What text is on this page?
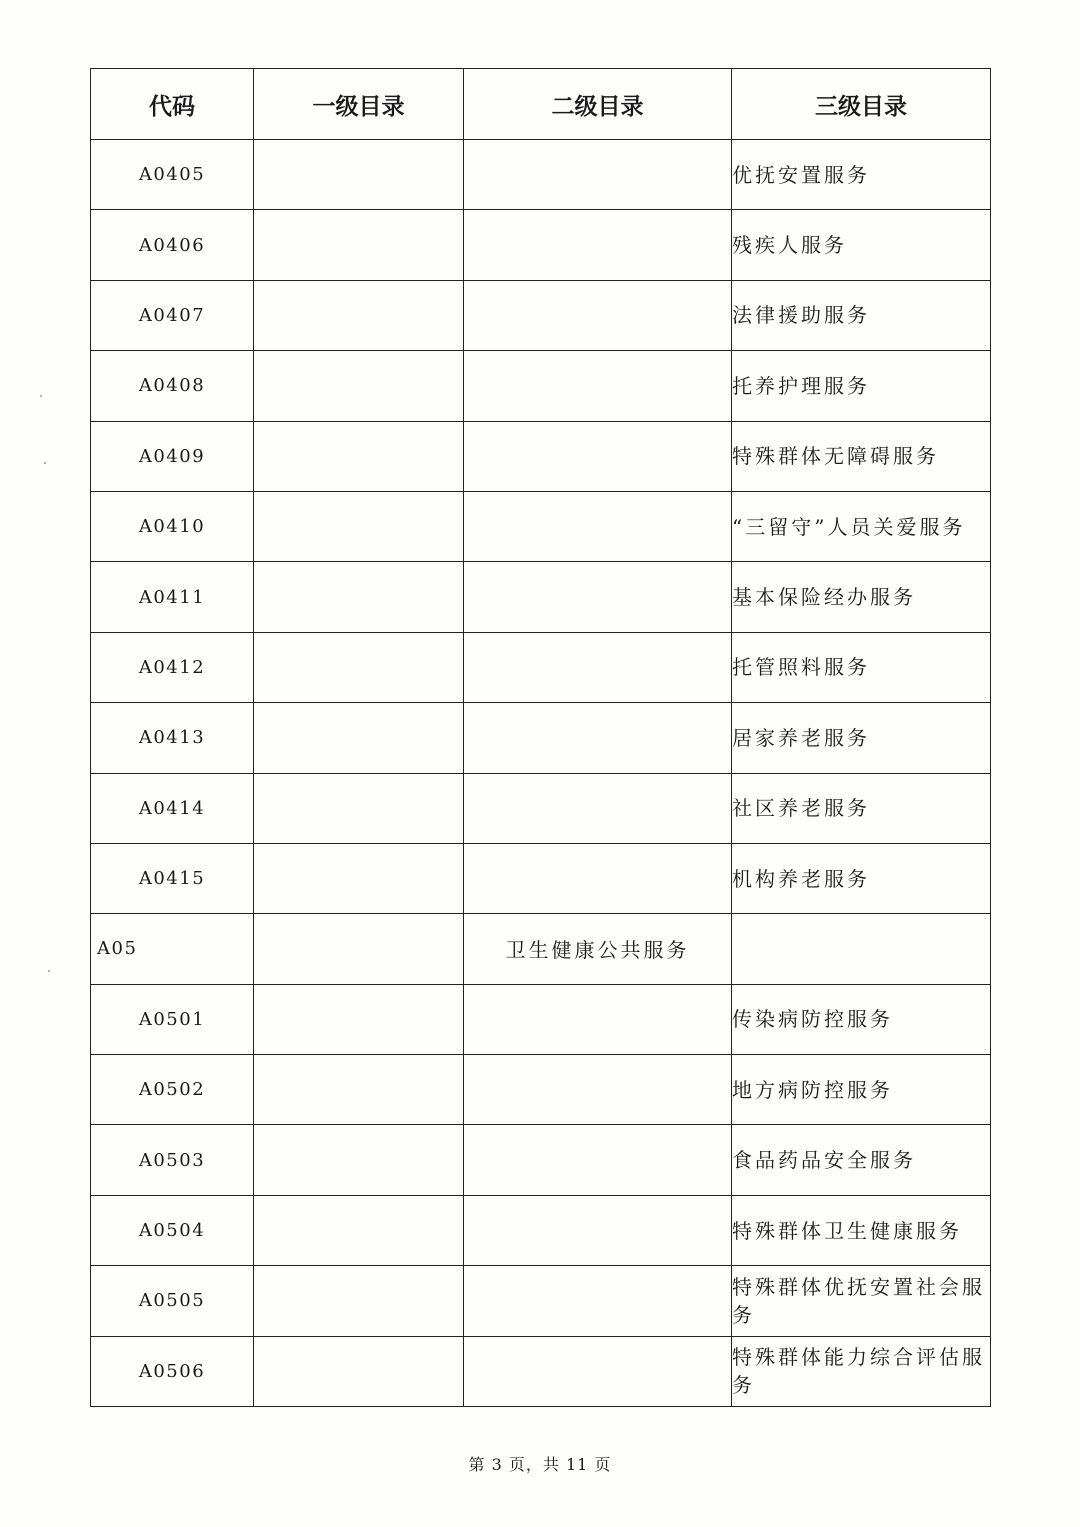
代码	一级目录	二级目录	三级目录
A0405			优抚安置服务
A0406			残疾人服务
A0407			法律援助服务
A0408			托养护理服务
A0409			特殊群体无障碍服务
A0410			“三留守”人员关爱服务
A0411			基本保险经办服务
A0412			托管照料服务
A0413			居家养老服务
A0414			社区养老服务
A0415			机构养老服务
A05		卫生健康公共服务	
A0501			传染病防控服务
A0502			地方病防控服务
A0503			食品药品安全服务
A0504			特殊群体卫生健康服务
A0505			特殊群体优抚安置社会服务
A0506			特殊群体能力综合评估服务
第 3 页，共 11 页
